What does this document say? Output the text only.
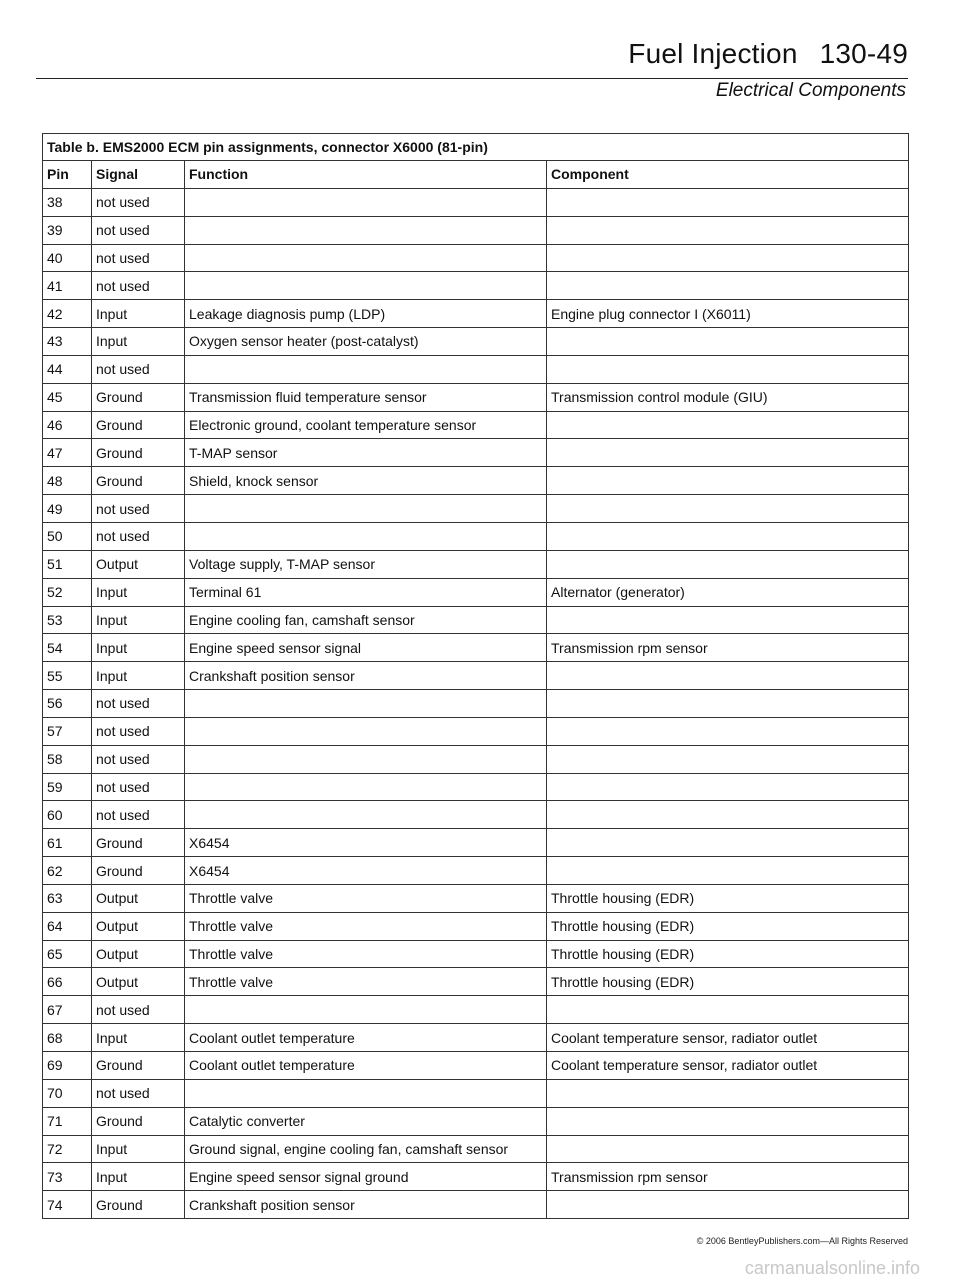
Fuel Injection 130-49
Electrical Components
Table b. EMS2000 ECM pin assignments, connector X6000 (81-pin)			
Pin	Signal	Function	Component
38	not used		
39	not used		
40	not used		
41	not used		
42	Input	Leakage diagnosis pump (LDP)	Engine plug connector I (X6011)
43	Input	Oxygen sensor heater (post-catalyst)	
44	not used		
45	Ground	Transmission fluid temperature sensor	Transmission control module (GIU)
46	Ground	Electronic ground, coolant temperature sensor	
47	Ground	T-MAP sensor	
48	Ground	Shield, knock sensor	
49	not used		
50	not used		
51	Output	Voltage supply, T-MAP sensor	
52	Input	Terminal 61	Alternator (generator)
53	Input	Engine cooling fan, camshaft sensor	
54	Input	Engine speed sensor signal	Transmission rpm sensor
55	Input	Crankshaft position sensor	
56	not used		
57	not used		
58	not used		
59	not used		
60	not used		
61	Ground	X6454	
62	Ground	X6454	
63	Output	Throttle valve	Throttle housing (EDR)
64	Output	Throttle valve	Throttle housing (EDR)
65	Output	Throttle valve	Throttle housing (EDR)
66	Output	Throttle valve	Throttle housing (EDR)
67	not used		
68	Input	Coolant outlet temperature	Coolant temperature sensor, radiator outlet
69	Ground	Coolant outlet temperature	Coolant temperature sensor, radiator outlet
70	not used		
71	Ground	Catalytic converter	
72	Input	Ground signal, engine cooling fan, camshaft sensor	
73	Input	Engine speed sensor signal ground	Transmission rpm sensor
74	Ground	Crankshaft position sensor	
© 2006 BentleyPublishers.com—All Rights Reserved
carmanualsonline.info
